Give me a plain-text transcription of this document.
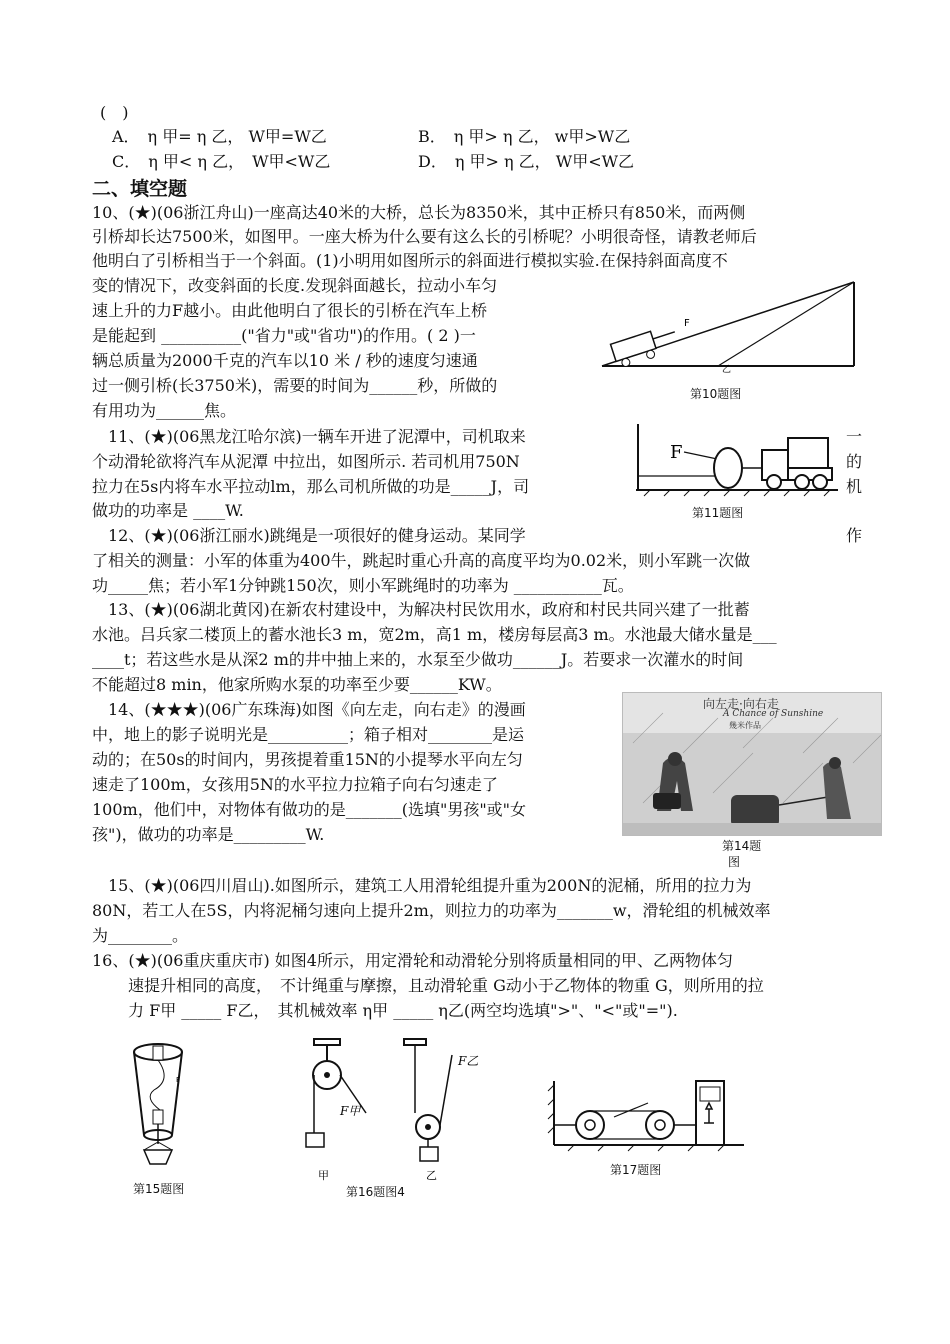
(　)
A．　η 甲= η 乙， W甲=W乙	B．　η 甲> η 乙， w甲>W乙
C．　η 甲< η 乙，　W甲<W乙	D．　η 甲> η 乙， W甲<W乙
二、填空题
10、(★)(06浙江舟山)一座高达40米的大桥，总长为8350米，其中正桥只有850米，而两侧
引桥却长达7500米，如图甲。一座大桥为什么要有这么长的引桥呢？小明很奇怪，请教老师后
他明白了引桥相当于一个斜面。(1)小明用如图所示的斜面进行模拟实验.在保持斜面高度不
变的情况下，改变斜面的长度.发现斜面越长，拉动小车匀
速上升的力F越小。由此他明白了很长的引桥在汽车上桥
是能起到 __________("省力"或"省功")的作用。( 2 )一
辆总质量为2000千克的汽车以10 米 / 秒的速度匀速通
过一侧引桥(长3750米)，需要的时间为______秒，所做的
有用功为______焦。
F
乙
第10题图
11、(★)(06黑龙江哈尔滨)一辆车开进了泥潭中，司机取来	一
个动滑轮欲将汽车从泥潭 中拉出，如图所示. 若司机用750N	的
拉力在5s内将车水平拉动lm，那么司机所做的功是_____J，司	机
做功的功率是 ____W.
F
第11题图
12、(★)(06浙江丽水)跳绳是一项很好的健身运动。某同学	作
了相关的测量：小军的体重为400牛，跳起时重心升高的高度平均为0.02米，则小军跳一次做
功_____焦；若小军1分钟跳150次，则小军跳绳时的功率为 ___________瓦。
13、(★)(06湖北黄冈)在新农村建设中，为解决村民饮用水，政府和村民共同兴建了一批蓄
水池。吕兵家二楼顶上的蓄水池长3 m，宽2m，高1 m，楼房每层高3 m。水池最大储水量是___
____t；若这些水是从深2 m的井中抽上来的，水泵至少做功______J。若要求一次灌水的时间
不能超过8 min，他家所购水泵的功率至少要______KW。
14、(★★★)(06广东珠海)如图《向左走，向右走》的漫画
中，地上的影子说明光是__________；箱子相对________是运
动的；在50s的时间内，男孩提着重15N的小提琴水平向左匀
速走了100m，女孩用5N的水平拉力拉箱子向右匀速走了
100m，他们中，对物体有做功的是_______(选填"男孩"或"女
孩")，做功的功率是_________W.
向左走·向右走
A Chance of Sunshine
幾米作品
第14题
图
15、(★)(06四川眉山).如图所示，建筑工人用滑轮组提升重为200N的泥桶，所用的拉力为
80N，若工人在5S，内将泥桶匀速向上提升2m，则拉力的功率为_______w，滑轮组的机械效率
为________。
16、(★)(06重庆重庆市) 如图4所示，用定滑轮和动滑轮分别将质量相同的甲、乙两物体匀
速提升相同的高度，　不计绳重与摩擦，且动滑轮重 G动小于乙物体的物重 G，则所用的拉
力 F甲 _____ F乙，　其机械效率 η甲 _____ η乙(两空均选填">"、"<"或"=").
F
第15题图
F甲
甲
F乙
乙
第16题图4
第17题图
